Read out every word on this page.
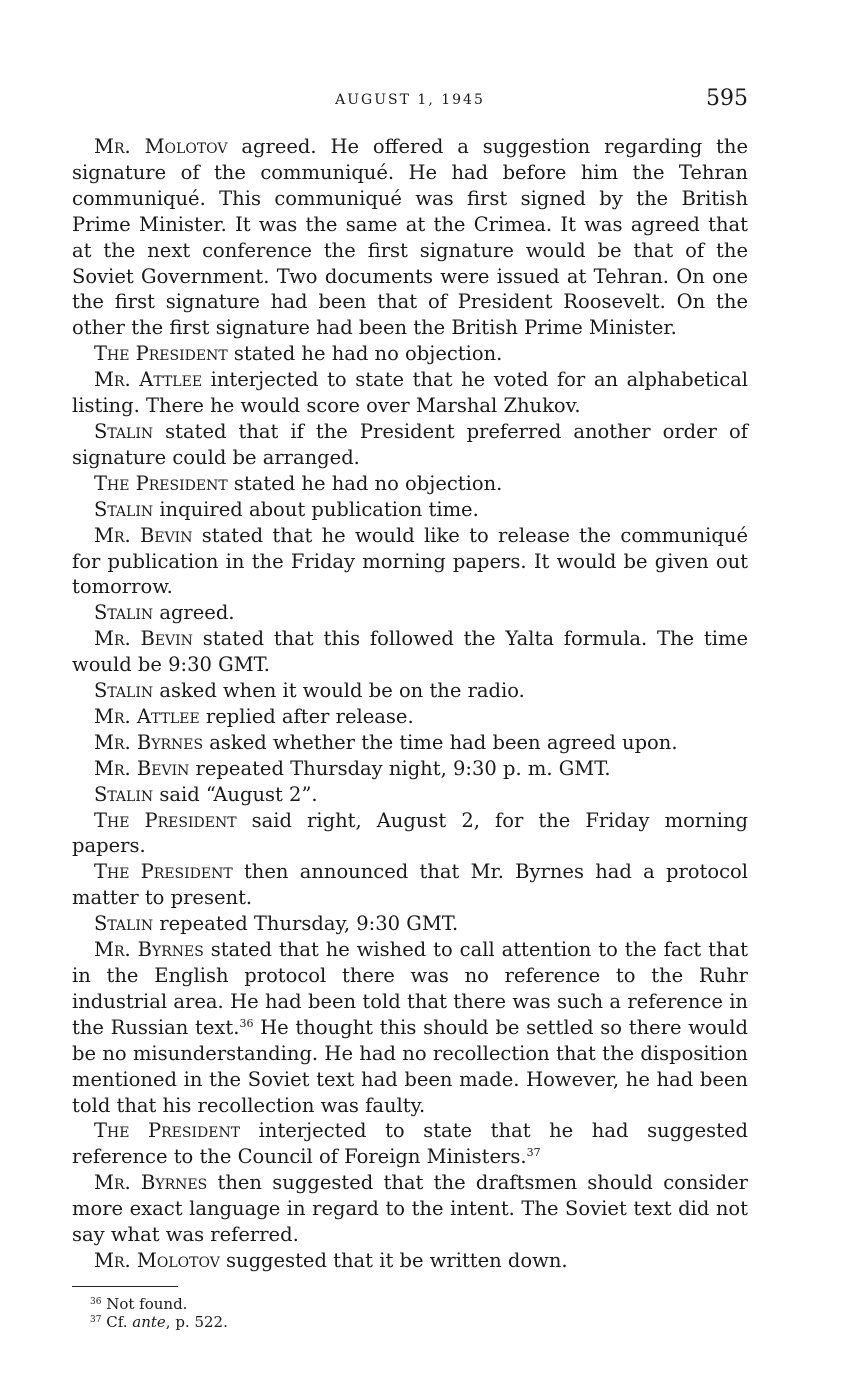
AUGUST 1, 1945	595

Mr. Molotov agreed. He offered a suggestion regarding the signature of the communiqué. He had before him the Tehran communiqué. This communiqué was first signed by the British Prime Minister. It was the same at the Crimea. It was agreed that at the next conference the first signature would be that of the Soviet Government. Two documents were issued at Tehran. On one the first signature had been that of President Roosevelt. On the other the first signature had been the British Prime Minister.

The President stated he had no objection.

Mr. Attlee interjected to state that he voted for an alphabetical listing. There he would score over Marshal Zhukov.

Stalin stated that if the President preferred another order of signature could be arranged.

The President stated he had no objection.

Stalin inquired about publication time.

Mr. Bevin stated that he would like to release the communiqué for publication in the Friday morning papers. It would be given out tomorrow.

Stalin agreed.

Mr. Bevin stated that this followed the Yalta formula. The time would be 9:30 GMT.

Stalin asked when it would be on the radio.

Mr. Attlee replied after release.

Mr. Byrnes asked whether the time had been agreed upon.

Mr. Bevin repeated Thursday night, 9:30 p. m. GMT.

Stalin said “August 2”.

The President said right, August 2, for the Friday morning papers.

The President then announced that Mr. Byrnes had a protocol matter to present.

Stalin repeated Thursday, 9:30 GMT.

Mr. Byrnes stated that he wished to call attention to the fact that in the English protocol there was no reference to the Ruhr industrial area. He had been told that there was such a reference in the Russian text.$^{36}$ He thought this should be settled so there would be no misunderstanding. He had no recollection that the disposition mentioned in the Soviet text had been made. However, he had been told that his recollection was faulty.

The President interjected to state that he had suggested reference to the Council of Foreign Ministers.$^{37}$

Mr. Byrnes then suggested that the draftsmen should consider more exact language in regard to the intent. The Soviet text did not say what was referred.

Mr. Molotov suggested that it be written down.

$^{36}$ Not found.

$^{37}$ Cf. ante, p. 522.
